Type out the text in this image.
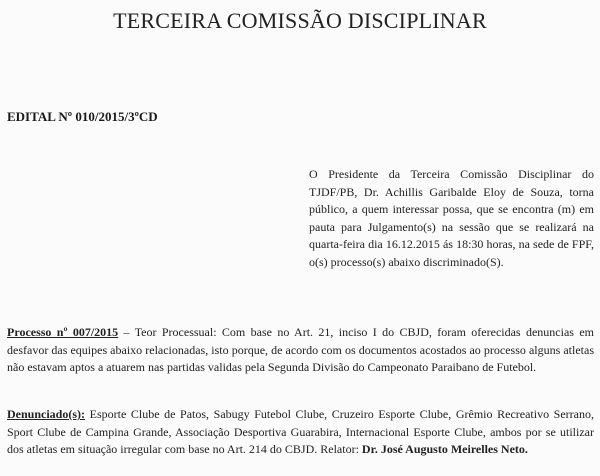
TERCEIRA COMISSÃO DISCIPLINAR
EDITAL Nº 010/2015/3ºCD
O Presidente da Terceira Comissão Disciplinar do TJDF/PB, Dr. Achillis Garibalde Eloy de Souza, torna público, a quem interessar possa, que se encontra (m) em pauta para Julgamento(s) na sessão que se realizará na quarta-feira dia 16.12.2015 ás 18:30 horas, na sede de FPF, o(s) processo(s) abaixo discriminado(S).
Processo nº 007/2015 – Teor Processual: Com base no Art. 21, inciso I do CBJD, foram oferecidas denuncias em desfavor das equipes abaixo relacionadas, isto porque, de acordo com os documentos acostados ao processo alguns atletas não estavam aptos a atuarem nas partidas validas pela Segunda Divisão do Campeonato Paraibano de Futebol.
Denunciado(s): Esporte Clube de Patos, Sabugy Futebol Clube, Cruzeiro Esporte Clube, Grêmio Recreativo Serrano, Sport Clube de Campina Grande, Associação Desportiva Guarabira, Internacional Esporte Clube, ambos por se utilizar dos atletas em situação irregular com base no Art. 214 do CBJD. Relator: Dr. José Augusto Meirelles Neto.
